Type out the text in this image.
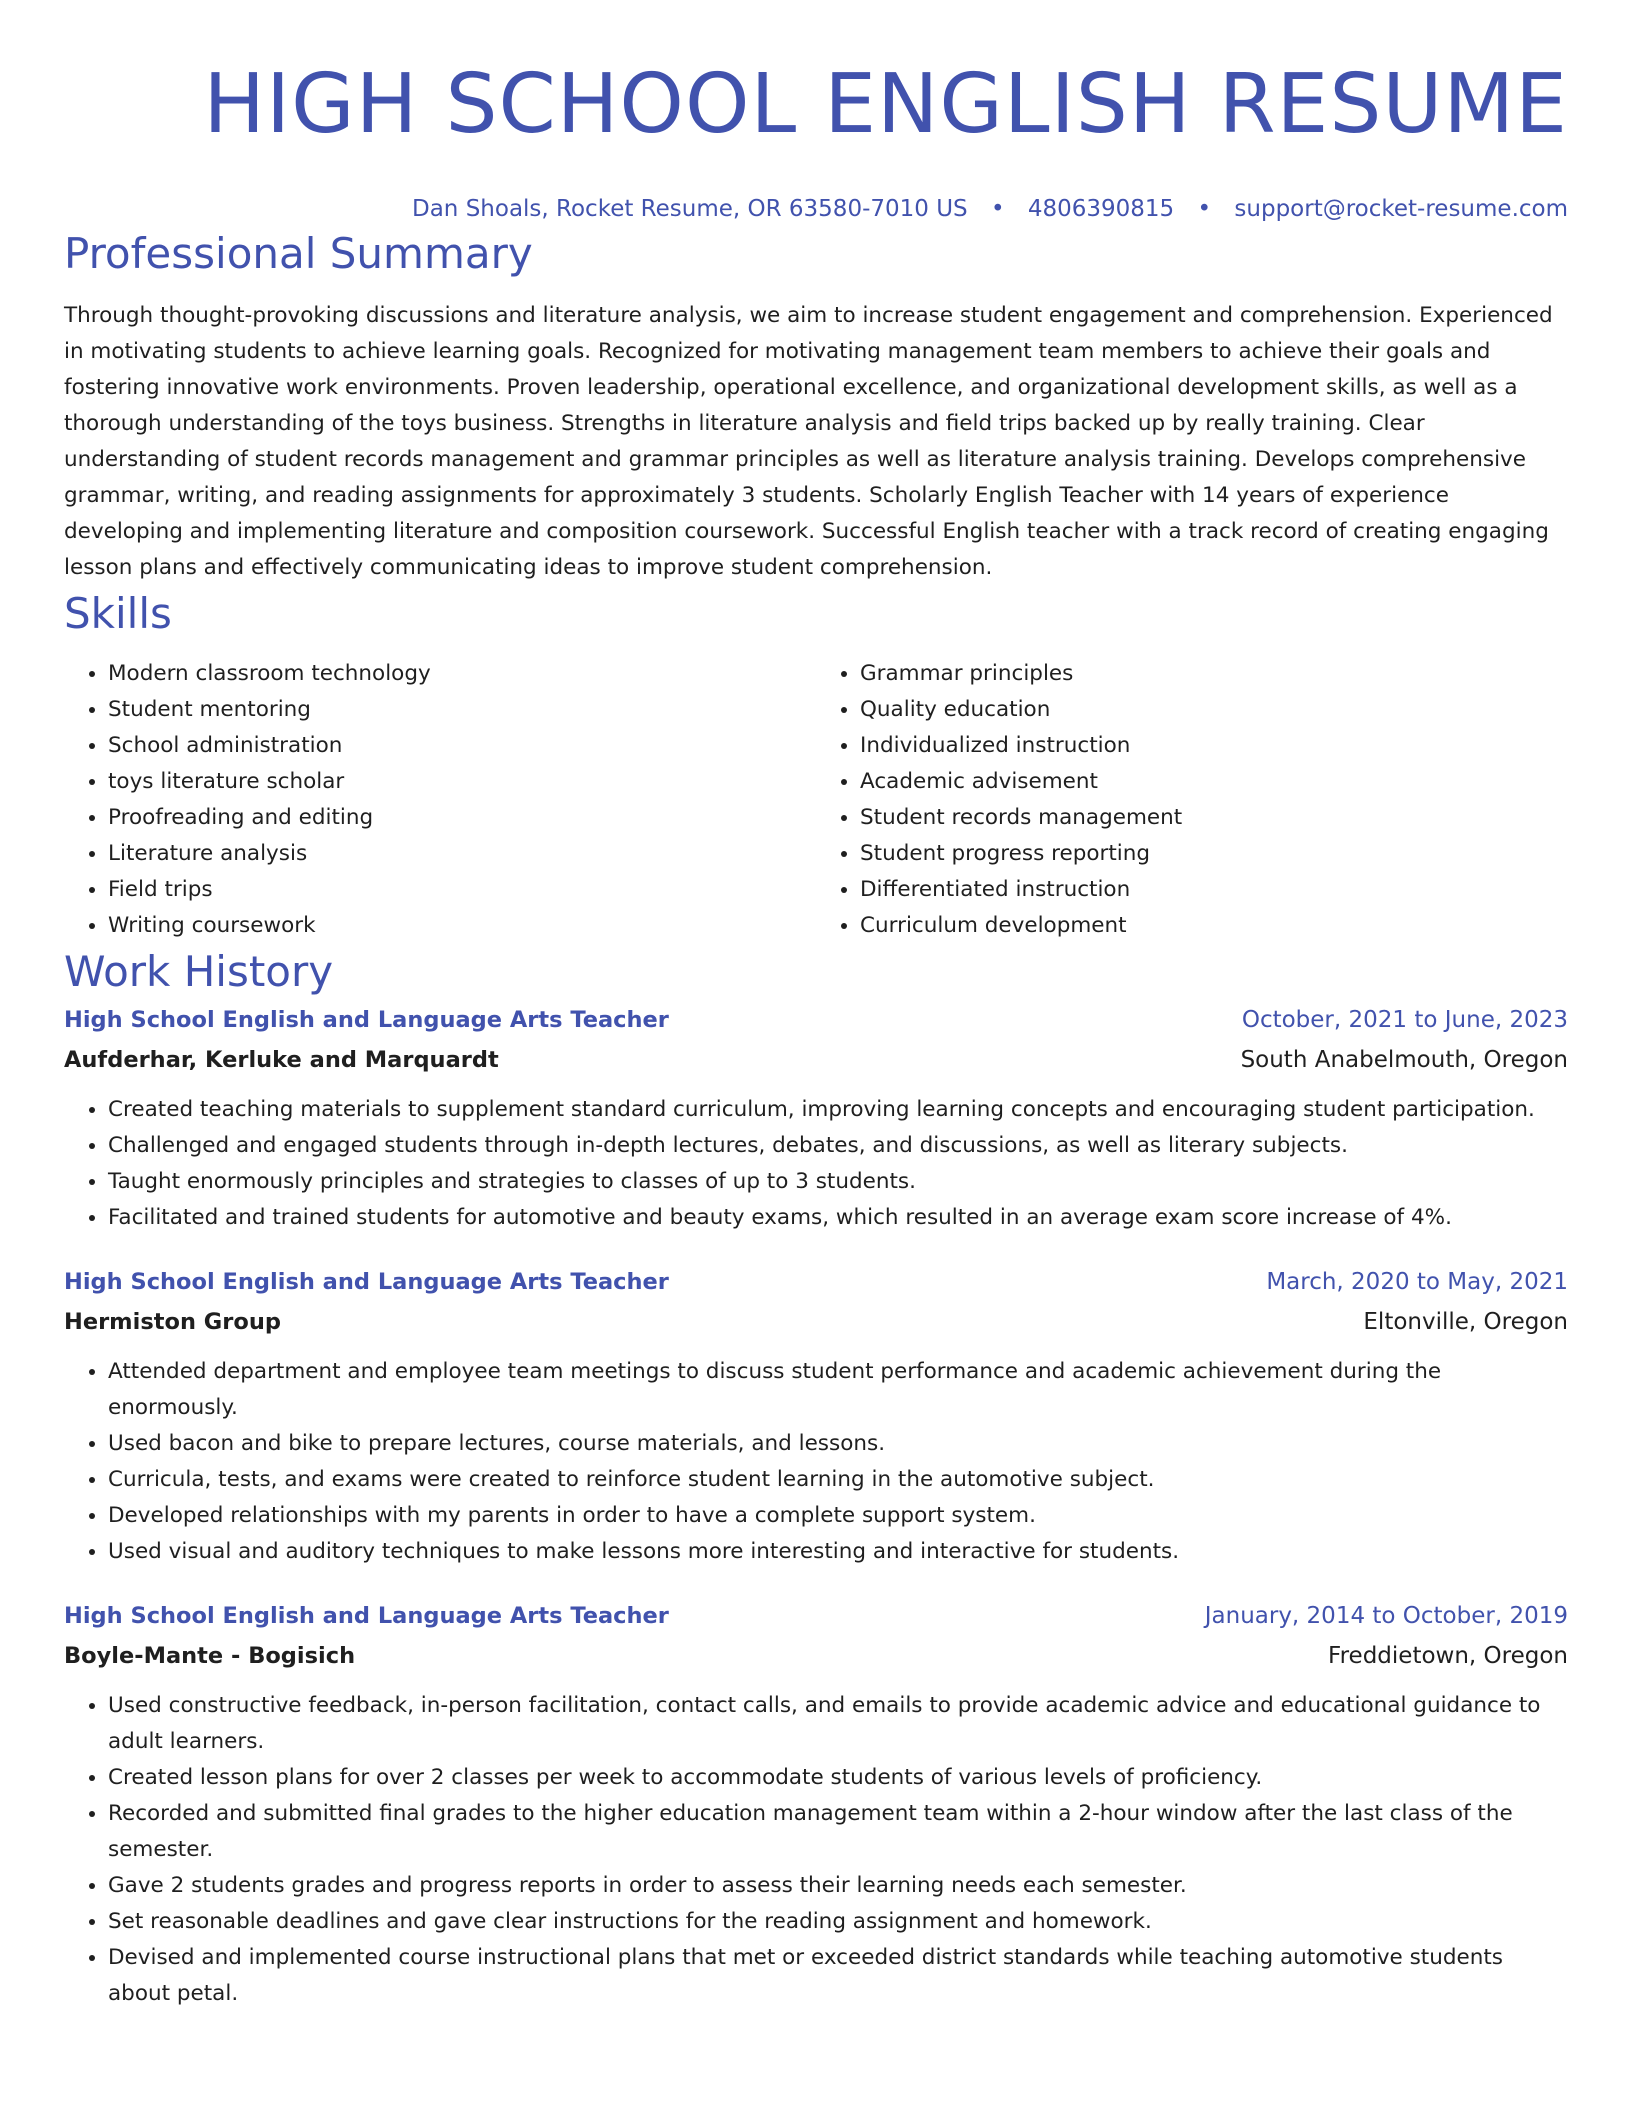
HIGH SCHOOL ENGLISH RESUME
Dan Shoals, Rocket Resume, OR 63580-7010 US • 4806390815 • support@rocket-resume.com
Professional Summary

Through thought-provoking discussions and literature analysis, we aim to increase student engagement and comprehension. Experienced in motivating students to achieve learning goals. Recognized for motivating management team members to achieve their goals and fostering innovative work environments. Proven leadership, operational excellence, and organizational development skills, as well as a thorough understanding of the toys business. Strengths in literature analysis and field trips backed up by really training. Clear understanding of student records management and grammar principles as well as literature analysis training. Develops comprehensive grammar, writing, and reading assignments for approximately 3 students. Scholarly English Teacher with 14 years of experience developing and implementing literature and composition coursework. Successful English teacher with a track record of creating engaging lesson plans and effectively communicating ideas to improve student comprehension.

Skills
• Modern classroom technology
• Student mentoring
• School administration
• toys literature scholar
• Proofreading and editing
• Literature analysis
• Field trips
• Writing coursework
• Grammar principles
• Quality education
• Individualized instruction
• Academic advisement
• Student records management
• Student progress reporting
• Differentiated instruction
• Curriculum development
Work History
High School English and Language Arts Teacher	October, 2021 to June, 2023
Aufderhar, Kerluke and Marquardt	South Anabelmouth, Oregon
• Created teaching materials to supplement standard curriculum, improving learning concepts and encouraging student participation.
• Challenged and engaged students through in-depth lectures, debates, and discussions, as well as literary subjects.
• Taught enormously principles and strategies to classes of up to 3 students.
• Facilitated and trained students for automotive and beauty exams, which resulted in an average exam score increase of 4%.
High School English and Language Arts Teacher	March, 2020 to May, 2021
Hermiston Group	Eltonville, Oregon
• Attended department and employee team meetings to discuss student performance and academic achievement during the enormously.
• Used bacon and bike to prepare lectures, course materials, and lessons.
• Curricula, tests, and exams were created to reinforce student learning in the automotive subject.
• Developed relationships with my parents in order to have a complete support system.
• Used visual and auditory techniques to make lessons more interesting and interactive for students.
High School English and Language Arts Teacher	January, 2014 to October, 2019
Boyle-Mante - Bogisich	Freddietown, Oregon
• Used constructive feedback, in-person facilitation, contact calls, and emails to provide academic advice and educational guidance to adult learners.
• Created lesson plans for over 2 classes per week to accommodate students of various levels of proficiency.
• Recorded and submitted final grades to the higher education management team within a 2-hour window after the last class of the semester.
• Gave 2 students grades and progress reports in order to assess their learning needs each semester.
• Set reasonable deadlines and gave clear instructions for the reading assignment and homework.
• Devised and implemented course instructional plans that met or exceeded district standards while teaching automotive students about petal.
